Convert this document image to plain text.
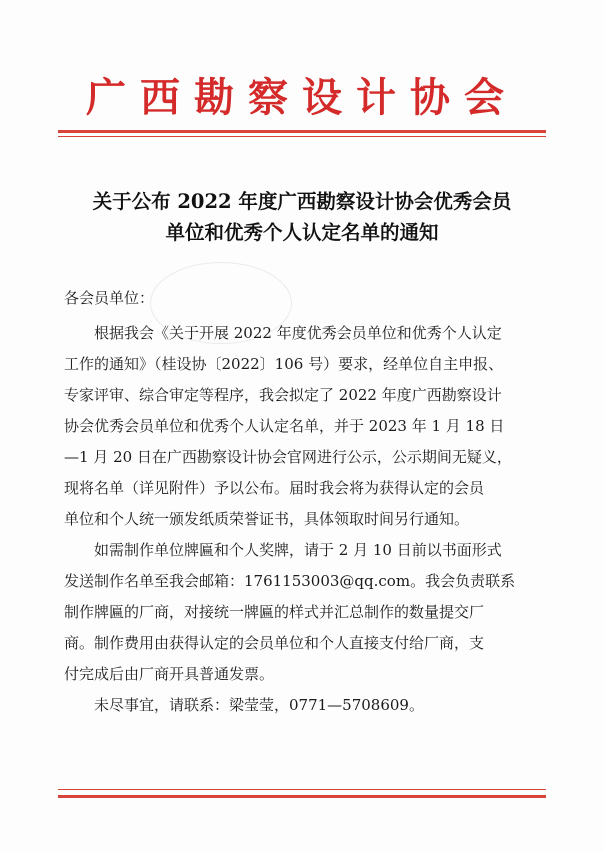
广西勘察设计协会
关于公布 2022 年度广西勘察设计协会优秀会员
单位和优秀个人认定名单的通知
各会员单位：
根据我会《关于开展 2022 年度优秀会员单位和优秀个人认定
工作的通知》（桂设协〔2022〕106 号）要求，经单位自主申报、
专家评审、综合审定等程序，我会拟定了 2022 年度广西勘察设计
协会优秀会员单位和优秀个人认定名单，并于 2023 年 1 月 18 日
—1 月 20 日在广西勘察设计协会官网进行公示，公示期间无疑义，
现将名单（详见附件）予以公布。届时我会将为获得认定的会员
单位和个人统一颁发纸质荣誉证书，具体领取时间另行通知。
如需制作单位牌匾和个人奖牌，请于 2 月 10 日前以书面形式
发送制作名单至我会邮箱：1761153003@qq.com。我会负责联系
制作牌匾的厂商，对接统一牌匾的样式并汇总制作的数量提交厂
商。制作费用由获得认定的会员单位和个人直接支付给厂商，支
付完成后由厂商开具普通发票。
未尽事宜，请联系：梁莹莹，0771—5708609。
